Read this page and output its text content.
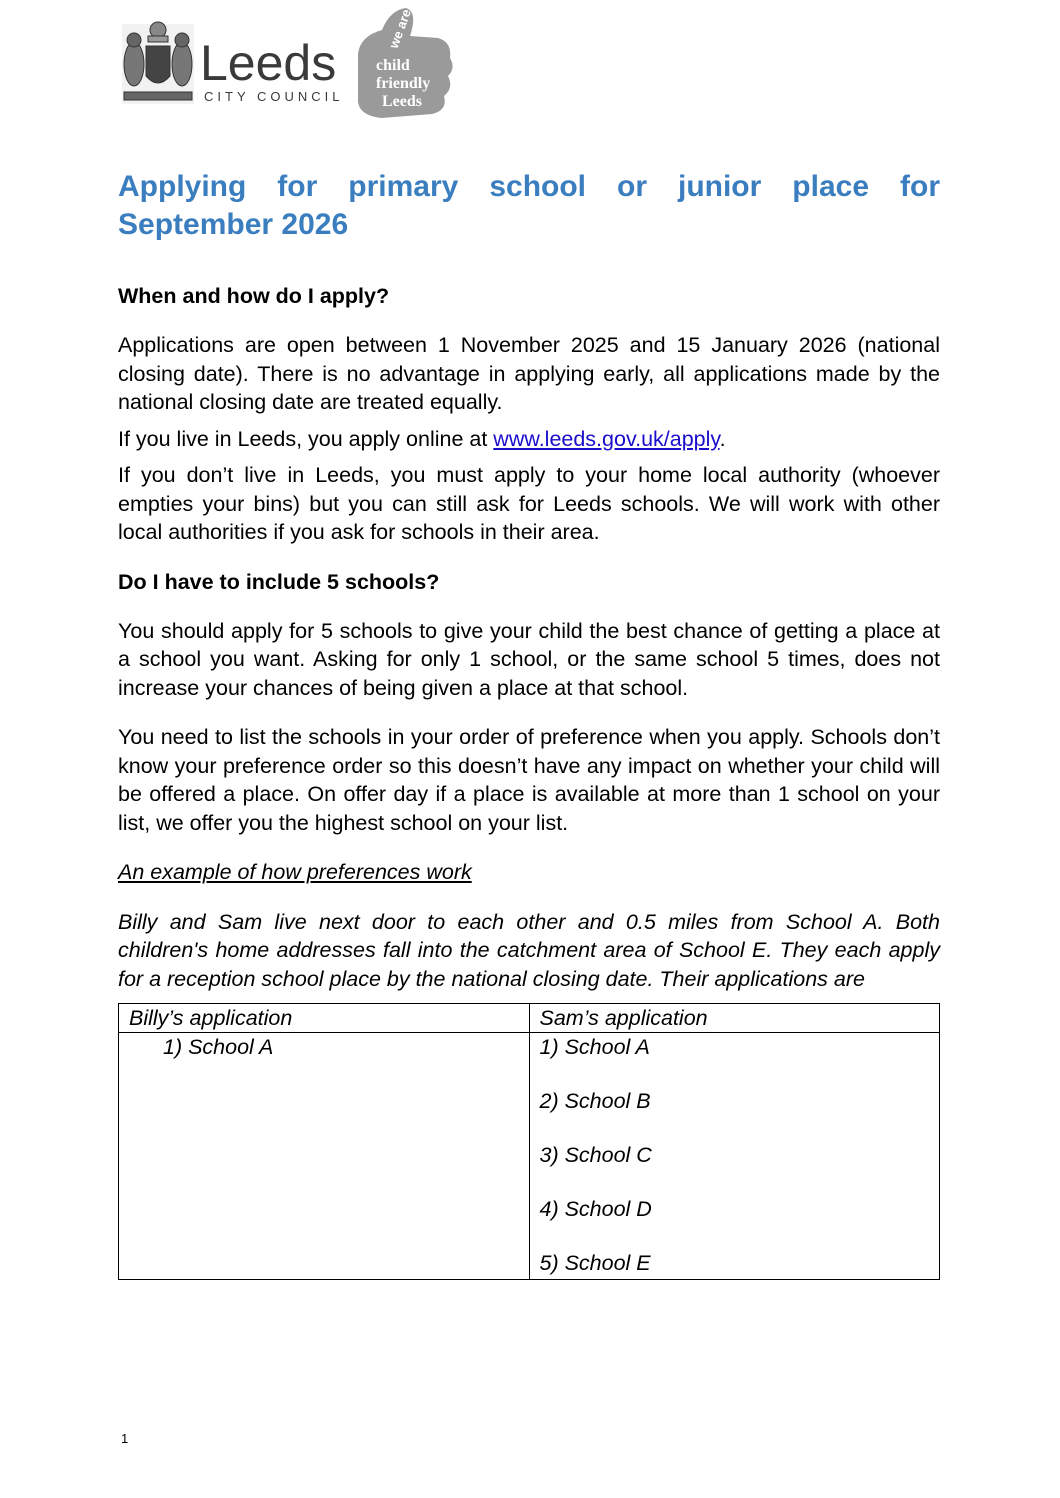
Leeds
CITY COUNCIL
we are
child
friendly
Leeds
Applying for primary school or junior place for
September 2026
When and how do I apply?

Applications are open between 1 November 2025 and 15 January 2026 (national closing date). There is no advantage in applying early, all applications made by the national closing date are treated equally.

If you live in Leeds, you apply online at www.leeds.gov.uk/apply.

If you don’t live in Leeds, you must apply to your home local authority (whoever empties your bins) but you can still ask for Leeds schools. We will work with other local authorities if you ask for schools in their area.

Do I have to include 5 schools?

You should apply for 5 schools to give your child the best chance of getting a place at a school you want. Asking for only 1 school, or the same school 5 times, does not increase your chances of being given a place at that school.

You need to list the schools in your order of preference when you apply. Schools don’t know your preference order so this doesn’t have any impact on whether your child will be offered a place. On offer day if a place is available at more than 1 school on your list, we offer you the highest school on your list.

An example of how preferences work

Billy and Sam live next door to each other and 0.5 miles from School A. Both children's home addresses fall into the catchment area of School E. They each apply for a reception school place by the national closing date. Their applications are

Billy’s application	Sam’s application

1) School A	1) School A
2) School B
3) School C
4) School D
5) School E
1
